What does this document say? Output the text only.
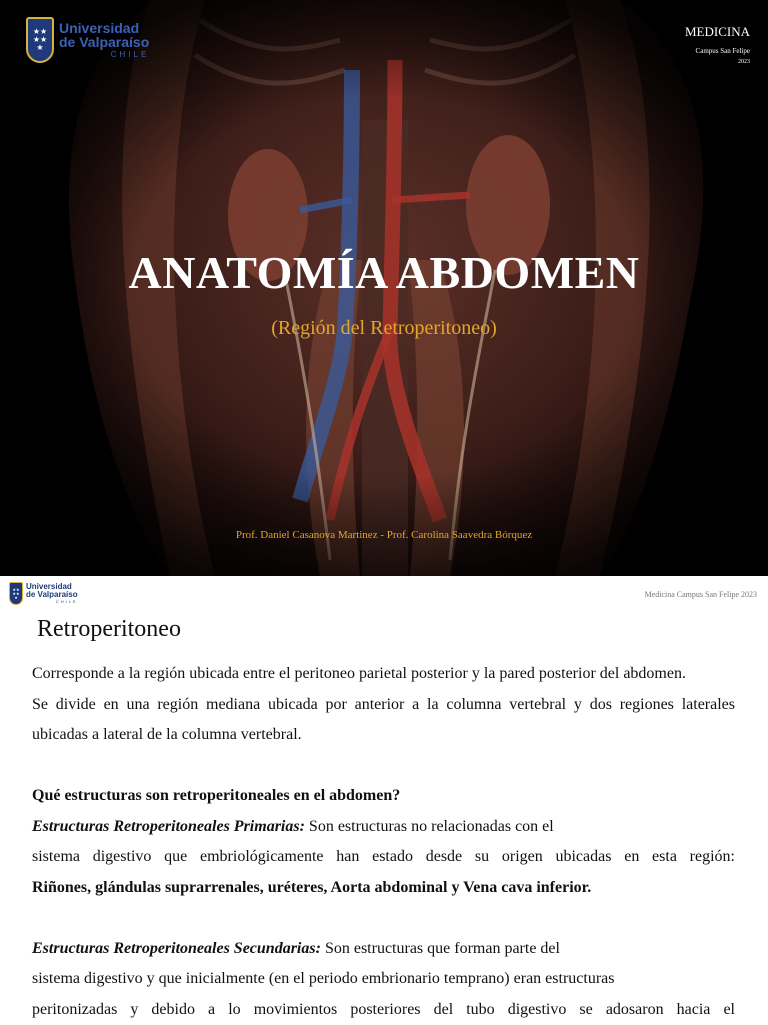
★★
★★
★
Universidad
de Valparaíso
CHILE
MEDICINA
Campus San Felipe
2023
ANATOMÍA ABDOMEN
(Región del Retroperitoneo)
Prof. Daniel Casanova Martinez - Prof. Carolina Saavedra Bórquez
★★
★★
★
Universidad
de Valparaíso
CHILE
Medicina Campus San Felipe 2023
Retroperitoneo

Corresponde a la región ubicada entre el peritoneo parietal posterior y la pared posterior del abdomen.

Se divide en una región mediana ubicada por anterior a la columna vertebral y dos regiones laterales

ubicadas a lateral de la columna vertebral.

Qué estructuras son retroperitoneales en el abdomen?

Estructuras Retroperitoneales Primarias: Son estructuras no relacionadas con el

sistema digestivo que embriológicamente han estado desde su origen ubicadas en esta región:

Riñones, glándulas suprarrenales, uréteres, Aorta abdominal y Vena cava inferior.

Estructuras Retroperitoneales Secundarias: Son estructuras que forman parte del

sistema digestivo y que inicialmente (en el periodo embrionario temprano) eran estructuras

peritonizadas y debido a lo movimientos posteriores del tubo digestivo se adosaron hacia el
